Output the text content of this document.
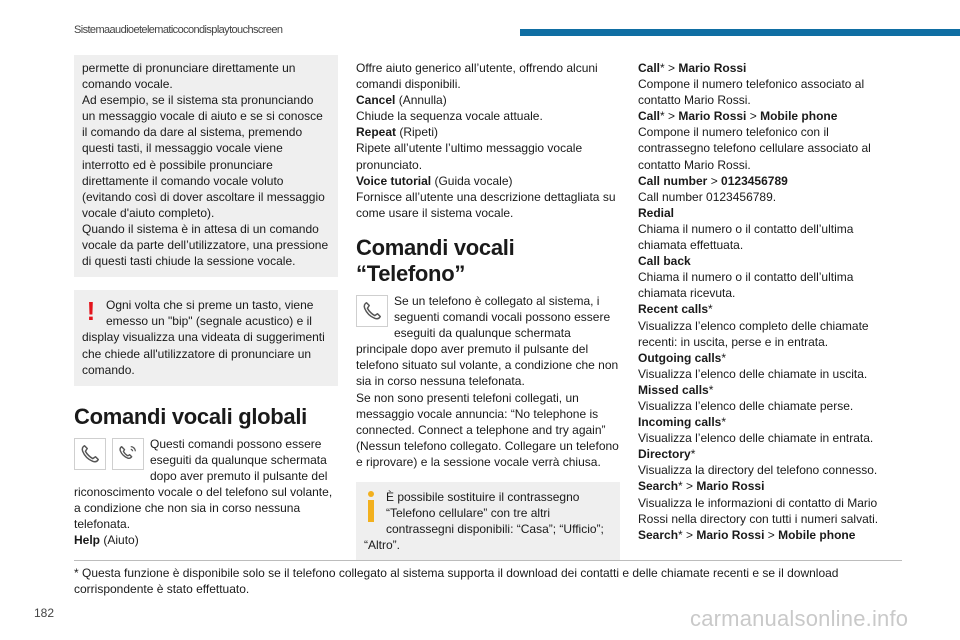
Sistemaaudioetelematicocondisplaytouchscreen

permette di pronunciare direttamente un comando vocale.

Ad esempio, se il sistema sta pronunciando un messaggio vocale di aiuto e se si conosce il comando da dare al sistema, premendo questi tasti, il messaggio vocale viene interrotto ed è possibile pronunciare direttamente il comando vocale voluto (evitando così di dover ascoltare il messaggio vocale d'aiuto completo).

Quando il sistema è in attesa di un comando vocale da parte dell’utilizzatore, una pressione di questi tasti chiude la sessione vocale.

! Ogni volta che si preme un tasto, viene emesso un "bip" (segnale acustico) e il display visualizza una videata di suggerimenti che chiede all'utilizzatore di pronunciare un comando.

Comandi vocali globali

Questi comandi possono essere eseguiti da qualunque schermata dopo aver premuto il pulsante del riconoscimento vocale o del telefono sul volante, a condizione che non sia in corso nessuna telefonata.

Help (Aiuto)

Offre aiuto generico all’utente, offrendo alcuni comandi disponibili.

Cancel (Annulla)

Chiude la sequenza vocale attuale.

Repeat (Ripeti)

Ripete all’utente l’ultimo messaggio vocale pronunciato.

Voice tutorial (Guida vocale)

Fornisce all’utente una descrizione dettagliata su come usare il sistema vocale.

Comandi vocali “Telefono”

Se un telefono è collegato al sistema, i seguenti comandi vocali possono essere eseguiti da qualunque schermata principale dopo aver premuto il pulsante del telefono situato sul volante, a condizione che non sia in corso nessuna telefonata.

Se non sono presenti telefoni collegati, un messaggio vocale annuncia: “No telephone is connected. Connect a telephone and try again” (Nessun telefono collegato. Collegare un telefono e riprovare) e la sessione vocale verrà chiusa.

È possibile sostituire il contrassegno “Telefono cellulare” con tre altri contrassegni disponibili: “Casa”; “Ufficio”; “Altro”.

Call* > Mario Rossi

Compone il numero telefonico associato al contatto Mario Rossi.

Call* > Mario Rossi > Mobile phone

Compone il numero telefonico con il contrassegno telefono cellulare associato al contatto Mario Rossi.

Call number > 0123456789

Call number 0123456789.

Redial

Chiama il numero o il contatto dell’ultima chiamata effettuata.

Call back

Chiama il numero o il contatto dell’ultima chiamata ricevuta.

Recent calls*

Visualizza l’elenco completo delle chiamate recenti: in uscita, perse e in entrata.

Outgoing calls*

Visualizza l’elenco delle chiamate in uscita.

Missed calls*

Visualizza l’elenco delle chiamate perse.

Incoming calls*

Visualizza l’elenco delle chiamate in entrata.

Directory*

Visualizza la directory del telefono connesso.

Search* > Mario Rossi

Visualizza le informazioni di contatto di Mario Rossi nella directory con tutti i numeri salvati.

Search* > Mario Rossi > Mobile phone

* Questa funzione è disponibile solo se il telefono collegato al sistema supporta il download dei contatti e delle chiamate recenti e se il download corrispondente è stato effettuato.

182	carmanualsonline.info
